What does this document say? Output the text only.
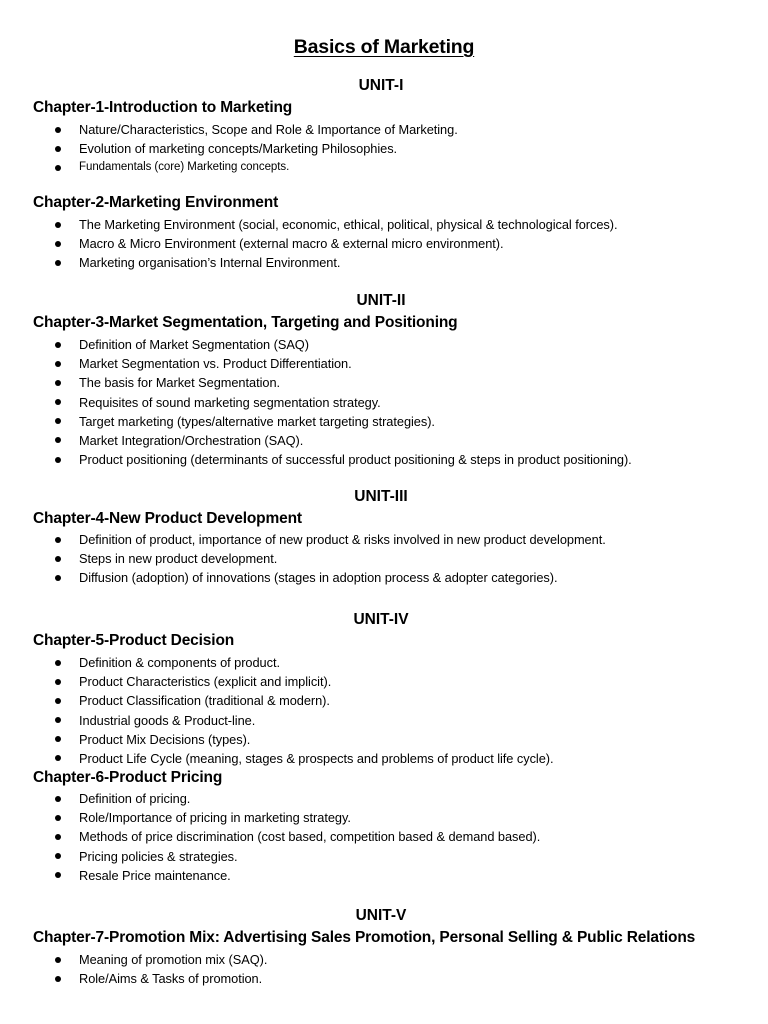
Basics of Marketing
UNIT-I
Chapter-1-Introduction to Marketing
Nature/Characteristics, Scope and Role & Importance of Marketing.
Evolution of marketing concepts/Marketing Philosophies.
Fundamentals (core) Marketing concepts.
Chapter-2-Marketing Environment
The Marketing Environment (social, economic, ethical, political, physical & technological forces).
Macro & Micro Environment (external macro & external micro environment).
Marketing organisation’s Internal Environment.
UNIT-II
Chapter-3-Market Segmentation, Targeting and Positioning
Definition of Market Segmentation (SAQ)
Market Segmentation vs. Product Differentiation.
The basis for Market Segmentation.
Requisites of sound marketing segmentation strategy.
Target marketing (types/alternative market targeting strategies).
Market Integration/Orchestration (SAQ).
Product positioning (determinants of successful product positioning & steps in product positioning).
UNIT-III
Chapter-4-New Product Development
Definition of product, importance of new product & risks involved in new product development.
Steps in new product development.
Diffusion (adoption) of innovations (stages in adoption process & adopter categories).
UNIT-IV
Chapter-5-Product Decision
Definition & components of product.
Product Characteristics (explicit and implicit).
Product Classification (traditional & modern).
Industrial goods & Product-line.
Product Mix Decisions (types).
Product Life Cycle (meaning, stages & prospects and problems of product life cycle).
Chapter-6-Product Pricing
Definition of pricing.
Role/Importance of pricing in marketing strategy.
Methods of price discrimination (cost based, competition based & demand based).
Pricing policies & strategies.
Resale Price maintenance.
UNIT-V
Chapter-7-Promotion Mix: Advertising Sales Promotion, Personal Selling & Public Relations
Meaning of promotion mix (SAQ).
Role/Aims & Tasks of promotion.
